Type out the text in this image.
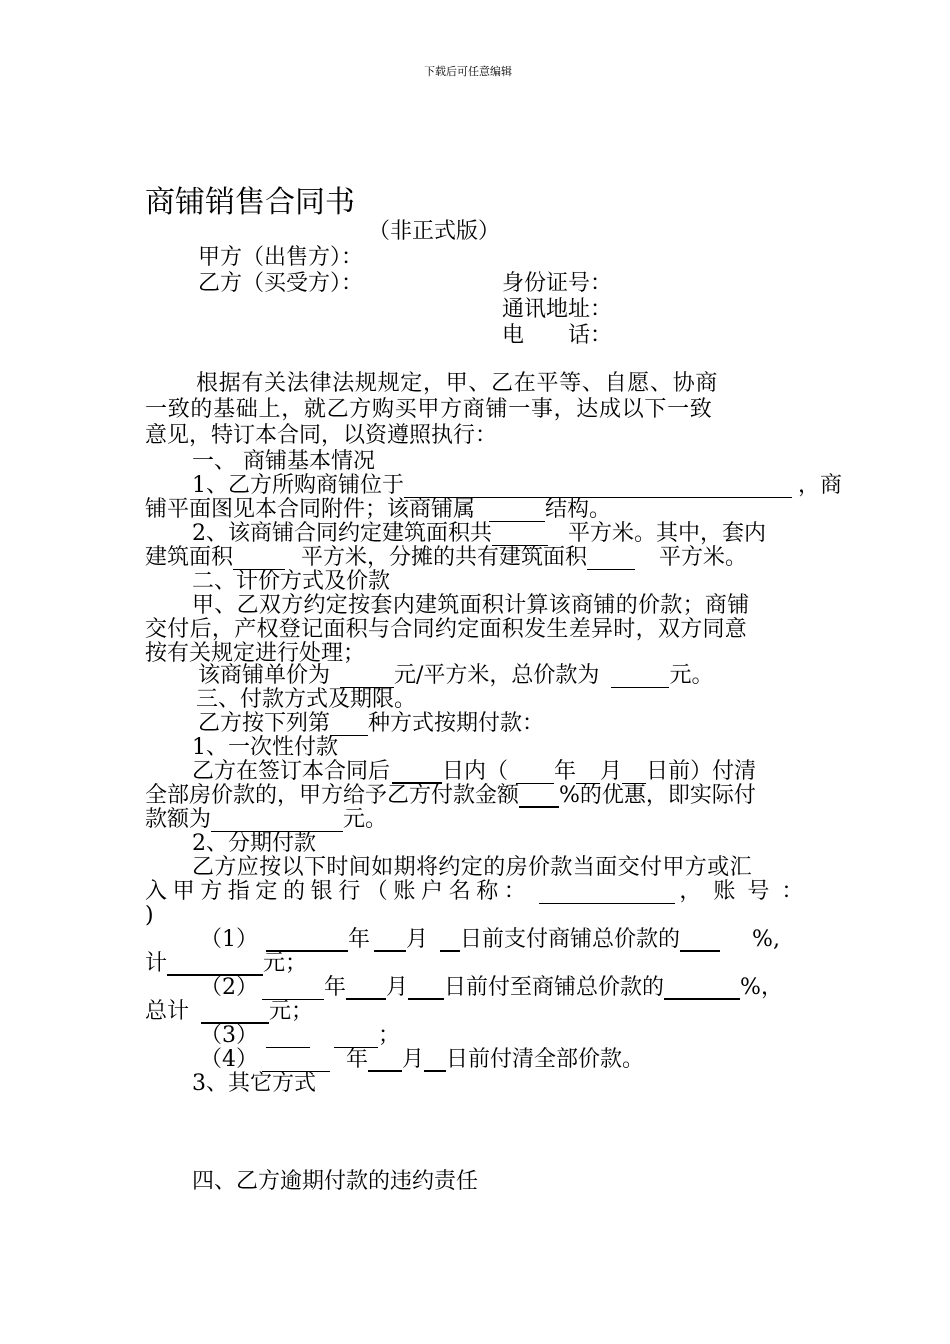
下载后可任意编辑
商铺销售合同书
（非正式版）
甲方（出售方）：
乙方（买受方）：	身份证号：
通讯地址：
电　　话：
根据有关法律法规规定，甲、乙在平等、自愿、协商
一致的基础上，就乙方购买甲方商铺一事，达成以下一致
意见，特订本合同，以资遵照执行：
一、 商铺基本情况
1、乙方所购商铺位于	，商
铺平面图见本合同附件；该商铺属	结构。
2、该商铺合同约定建筑面积共	平方米。其中，套内
建筑面积	平方米，分摊的共有建筑面积	平方米。
二、计价方式及价款
甲、乙双方约定按套内建筑面积计算该商铺的价款；商铺
交付后，产权登记面积与合同约定面积发生差异时，双方同意
按有关规定进行处理；
该商铺单价为	元/平方米，总价款为	元。
三、付款方式及期限。
乙方按下列第 种方式按期付款：
1、一次性付款
乙方在签订本合同后 日内（ 年 月 日前）付清
全部房价款的，甲方给予乙方付款金额 %的优惠，即实际付
款额为	元。
2、分期付款
乙方应按以下时间如期将约定的房价款当面交付甲方或汇
入甲方指定的银行（账户名称：	，账号：
)
（1）	年 月 日前支付商铺总价款的	%,
计	元；
（2）	年 月 日前付至商铺总价款的	%，
总计	元；
（3）	；
（4）	年 月 日前付清全部价款。
3、其它方式
四、乙方逾期付款的违约责任
